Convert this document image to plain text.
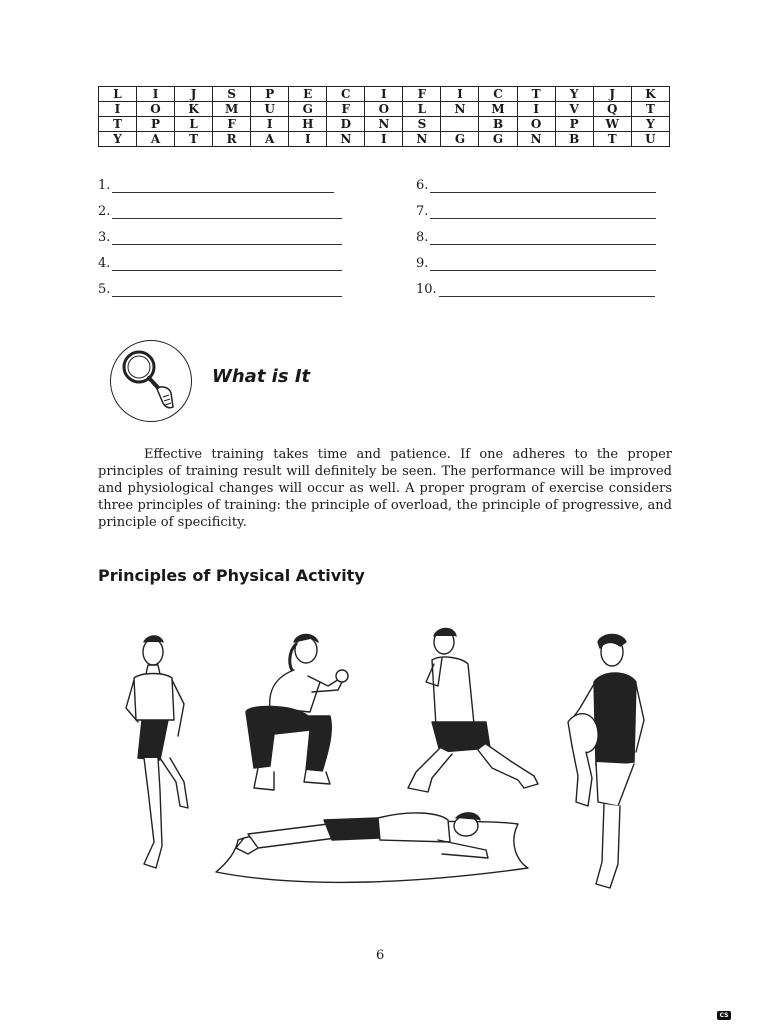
L	I	J	S	P	E	C	I	F	I	C	T	Y	J	K
I	O	K	M	U	G	F	O	L	N	M	I	V	Q	T
T	P	L	F	I	H	D	N	S		B	O	P	W	Y
Y	A	T	R	A	I	N	I	N	G	G	N	B	T	U
1.
2.
3.
4.
5.
6.
7.
8.
9.
10.
What is It

Effective training takes time and patience. If one adheres to the proper principles of training result will definitely be seen. The performance will be improved and physiological changes will occur as well. A proper program of exercise considers three principles of training: the principle of overload, the principle of progressive, and principle of specificity.

Principles of Physical Activity
6
CS
